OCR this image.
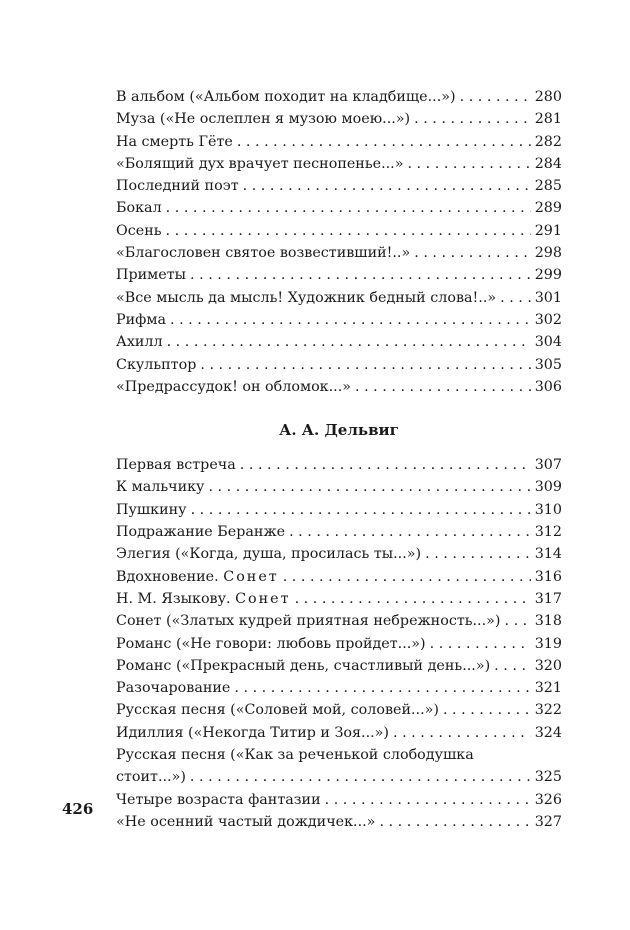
В альбом («Альбом походит на кладбище...») . . .	280
Муза («Не ослеплен я музою моею...») . . .	281
На смерть Гёте . . .	282
«Болящий дух врачует песнопенье...» . . .	284
Последний поэт . . .	285
Бокал . . .	289
Осень . . .	291
«Благословен святое возвестивший!..» . . .	298
Приметы . . .	299
«Все мысль да мысль! Художник бедный слова!..» . . .	301
Рифма . . .	302
Ахилл . . .	304
Скульптор . . .	305
«Предрассудок! он обломок...» . . .	306
А. А. Дельвиг
Первая встреча . . .	307
К мальчику . . .	309
Пушкину . . .	310
Подражание Беранже . . .	312
Элегия («Когда, душа, просилась ты...») . . .	314
Вдохновение. Сонет . . .	316
Н. М. Языкову. Сонет . . .	317
Сонет («Златых кудрей приятная небрежность...») . . . 318
Романс («Не говори: любовь пройдет...») . . .	319
Романс («Прекрасный день, счастливый день...») . . .	320
Разочарование . . .	321
Русская песня («Соловей мой, соловей...») . . .	322
Идиллия («Некогда Титир и Зоя...») . . .	324
Русская песня («Как за реченькой слободушка
стоит...») . . .	325
Четыре возраста фантазии . . .	326
«Не осенний частый дождичек...» . . .	327
426
